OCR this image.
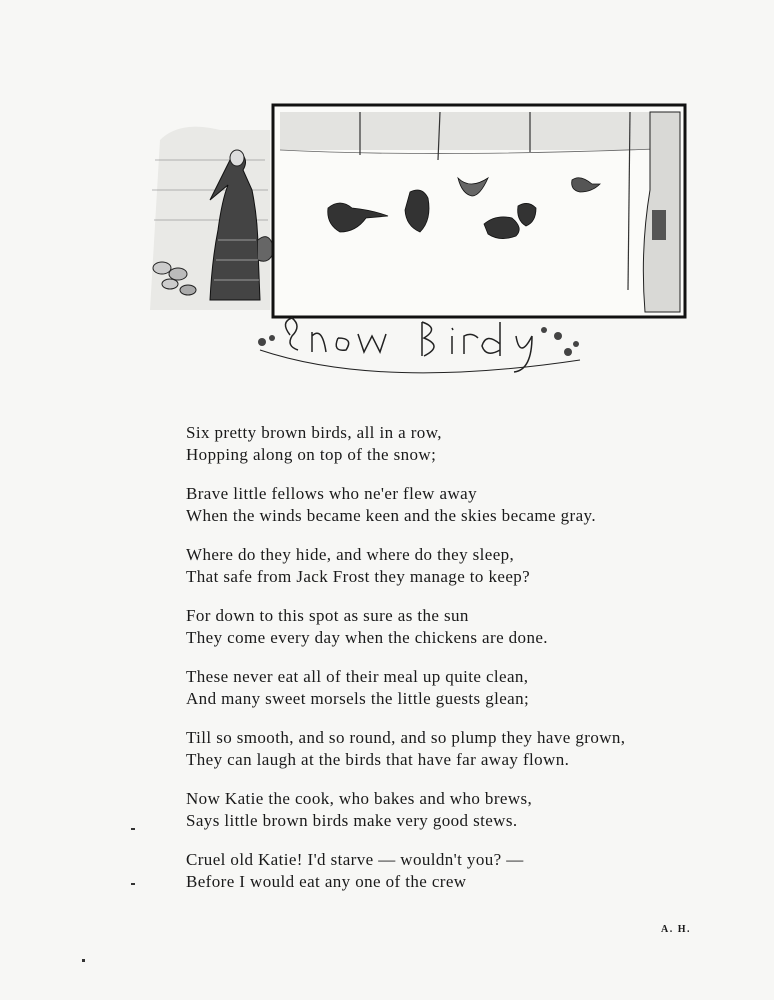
Six pretty brown birds, all in a row,
Hopping along on top of the snow;
Brave little fellows who ne'er flew away
When the winds became keen and the skies became gray.
Where do they hide, and where do they sleep,
That safe from Jack Frost they manage to keep?
For down to this spot as sure as the sun
They come every day when the chickens are done.
These never eat all of their meal up quite clean,
And many sweet morsels the little guests glean;
Till so smooth, and so round, and so plump they have grown,
They can laugh at the birds that have far away flown.
Now Katie the cook, who bakes and who brews,
Says little brown birds make very good stews.
Cruel old Katie! I'd starve — wouldn't you? —
Before I would eat any one of the crew
A. H.
